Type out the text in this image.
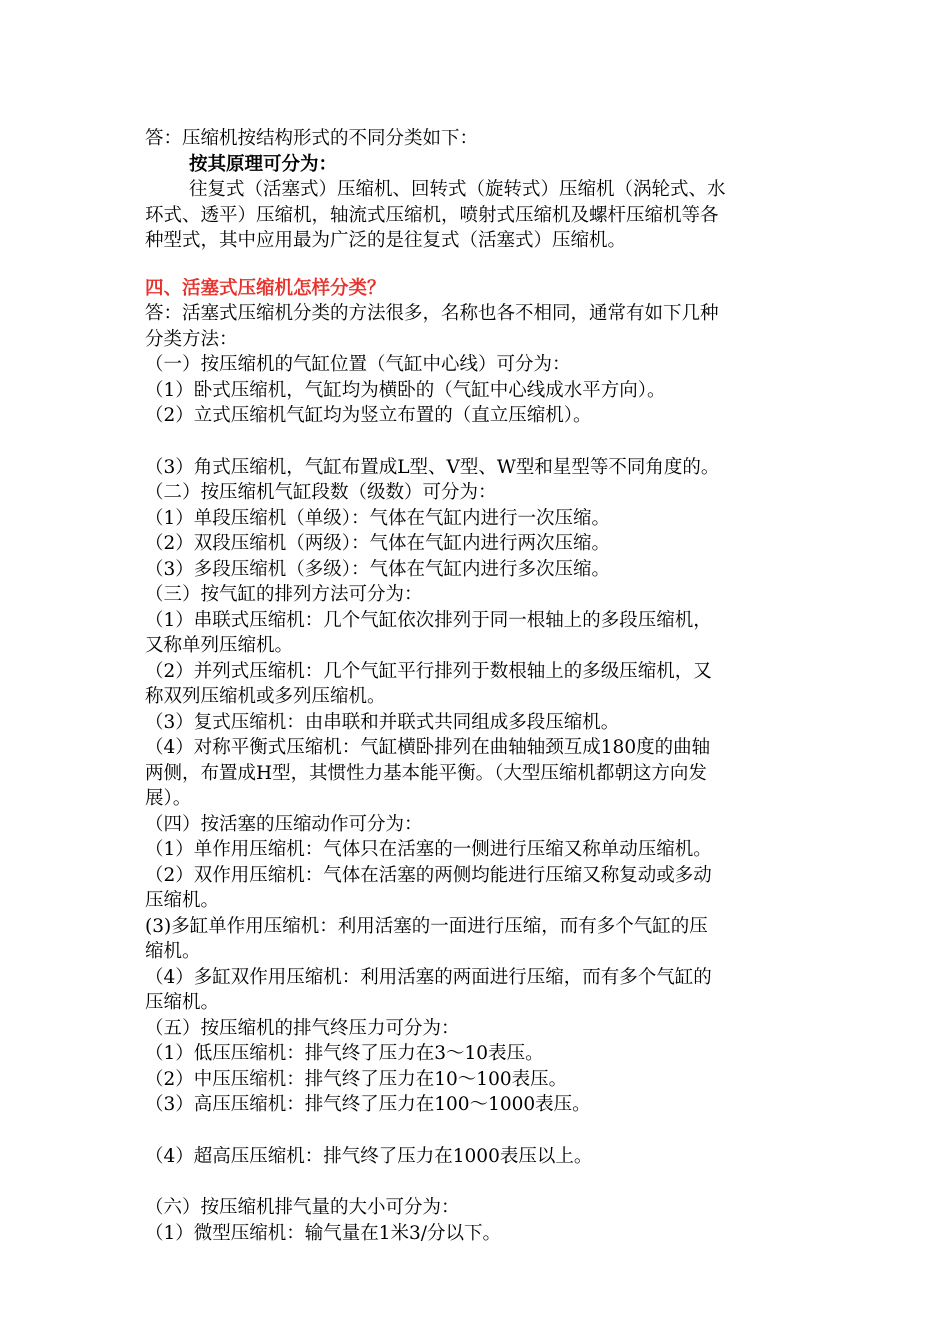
答：压缩机按结构形式的不同分类如下：
按其原理可分为：
往复式（活塞式）压缩机、回转式（旋转式）压缩机（涡轮式、水
环式、透平）压缩机，轴流式压缩机，喷射式压缩机及螺杆压缩机等各
种型式，其中应用最为广泛的是往复式（活塞式）压缩机。
四、活塞式压缩机怎样分类？
答：活塞式压缩机分类的方法很多，名称也各不相同，通常有如下几种
分类方法：
（一）按压缩机的气缸位置（气缸中心线）可分为：
（1）卧式压缩机，气缸均为横卧的（气缸中心线成水平方向）。
（2）立式压缩机气缸均为竖立布置的（直立压缩机）。
（3）角式压缩机，气缸布置成L型、V型、W型和星型等不同角度的。
（二）按压缩机气缸段数（级数）可分为：
（1）单段压缩机（单级）：气体在气缸内进行一次压缩。
（2）双段压缩机（两级）：气体在气缸内进行两次压缩。
（3）多段压缩机（多级）：气体在气缸内进行多次压缩。
（三）按气缸的排列方法可分为：
（1）串联式压缩机：几个气缸依次排列于同一根轴上的多段压缩机，
又称单列压缩机。
（2）并列式压缩机：几个气缸平行排列于数根轴上的多级压缩机，又
称双列压缩机或多列压缩机。
（3）复式压缩机：由串联和并联式共同组成多段压缩机。
（4）对称平衡式压缩机：气缸横卧排列在曲轴轴颈互成180度的曲轴
两侧，布置成H型，其惯性力基本能平衡。（大型压缩机都朝这方向发
展）。
（四）按活塞的压缩动作可分为：
（1）单作用压缩机：气体只在活塞的一侧进行压缩又称单动压缩机。
（2）双作用压缩机：气体在活塞的两侧均能进行压缩又称复动或多动
压缩机。
(3)多缸单作用压缩机：利用活塞的一面进行压缩，而有多个气缸的压
缩机。
（4）多缸双作用压缩机：利用活塞的两面进行压缩，而有多个气缸的
压缩机。
（五）按压缩机的排气终压力可分为：
（1）低压压缩机：排气终了压力在3～10表压。
（2）中压压缩机：排气终了压力在10～100表压。
（3）高压压缩机：排气终了压力在100～1000表压。
（4）超高压压缩机：排气终了压力在1000表压以上。
（六）按压缩机排气量的大小可分为：
（1）微型压缩机：输气量在1米3/分以下。
